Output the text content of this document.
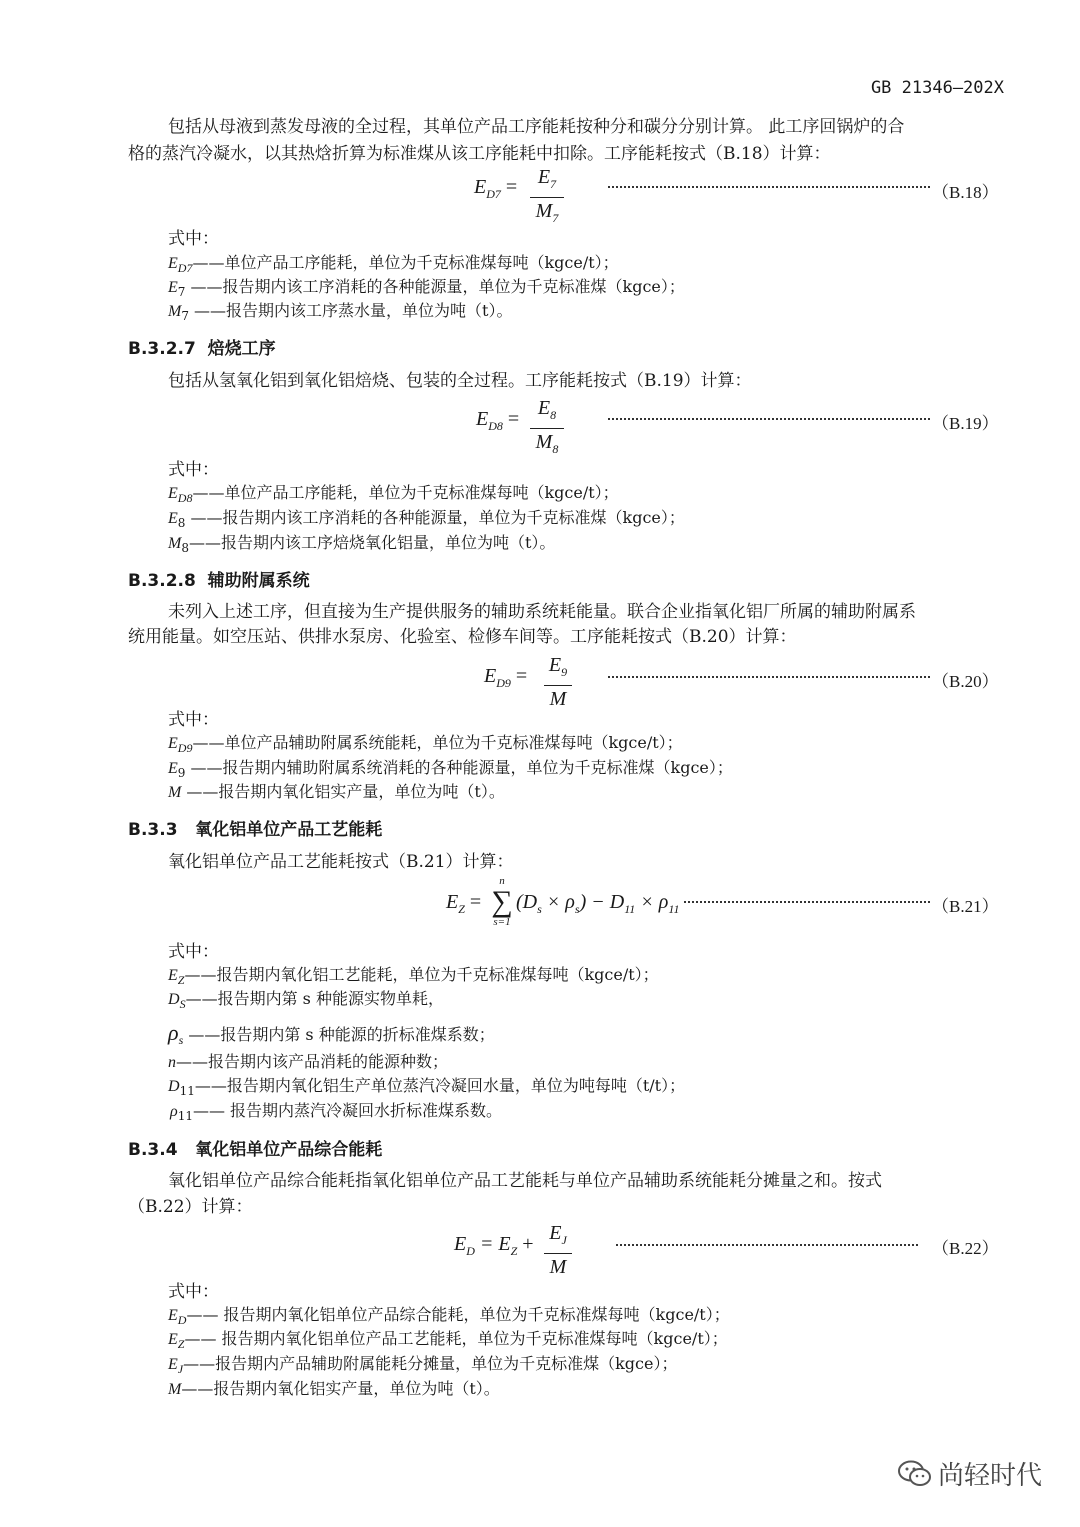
GB 21346—202X
包括从母液到蒸发母液的全过程，其单位产品工序能耗按种分和碳分分别计算。 此工序回锅炉的合
格的蒸汽冷凝水，以其热焓折算为标准煤从该工序能耗中扣除。工序能耗按式（B.18）计算：
$E_{D7}$ =	$E_7$
$M_7$
（B.18）
式中：
$E_{D7}——$单位产品工序能耗，单位为千克标准煤每吨（kgce/t）；
$E_7$ ——报告期内该工序消耗的各种能源量，单位为千克标准煤（kgce）；
$M_7$ ——报告期内该工序蒸水量，单位为吨（t）。
B.3.2.7 焙烧工序
包括从氢氧化铝到氧化铝焙烧、包装的全过程。工序能耗按式（B.19）计算：
$E_{D8} = E_8$
$M_8$
（B.19）
式中：
$E_{D8}——$单位产品工序能耗，单位为千克标准煤每吨（kgce/t）；
$E_8$ ——报告期内该工序消耗的各种能源量，单位为千克标准煤（kgce）；
$M_8——$报告期内该工序焙烧氧化铝量，单位为吨（t）。
B.3.2.8 辅助附属系统
未列入上述工序，但直接为生产提供服务的辅助系统耗能量。联合企业指氧化铝厂所属的辅助附属系
统用能量。如空压站、供排水泵房、化验室、检修车间等。工序能耗按式（B.20）计算：
$E_{D9} = E_9$
M
（B.20）
式中：
$E_{D9}——$单位产品辅助附属系统能耗，单位为千克标准煤每吨（kgce/t）；
$E_9$ ——报告期内辅助附属系统消耗的各种能源量，单位为千克标准煤（kgce）；
M ——报告期内氧化铝实产量，单位为吨（t）。
B.3.3 氧化铝单位产品工艺能耗
氧化铝单位产品工艺能耗按式（B.21）计算：
$E_Z$ =
n
∑
s=1
$(D_s \times \rho_s) - D_{11} \times \rho_{11}$	（B.21）
式中：
$E_Z——$报告期内氧化铝工艺能耗，单位为千克标准煤每吨（kgce/t）；
$D_S——$报告期内第 s 种能源实物单耗，
$\rho_s$ ——报告期内第 s 种能源的折标准煤系数；
n——报告期内该产品消耗的能源种数；
$D_{11}——$报告期内氧化铝生产单位蒸汽冷凝回水量，单位为吨每吨（t/t）；
$\rho_{11}——$ 报告期内蒸汽冷凝回水折标准煤系数。
B.3.4 氧化铝单位产品综合能耗
氧化铝单位产品综合能耗指氧化铝单位产品工艺能耗与单位产品辅助系统能耗分摊量之和。按式
（B.22）计算：
$E_D = E_Z + E_J$
M
（B.22）
式中：
$E_D——$ 报告期内氧化铝单位产品综合能耗，单位为千克标准煤每吨（kgce/t）；
$E_Z——$ 报告期内氧化铝单位产品工艺能耗，单位为千克标准煤每吨（kgce/t）；
$E_J——$报告期内产品辅助附属能耗分摊量，单位为千克标准煤（kgce）；
M——报告期内氧化铝实产量，单位为吨（t）。
尚轻时代
